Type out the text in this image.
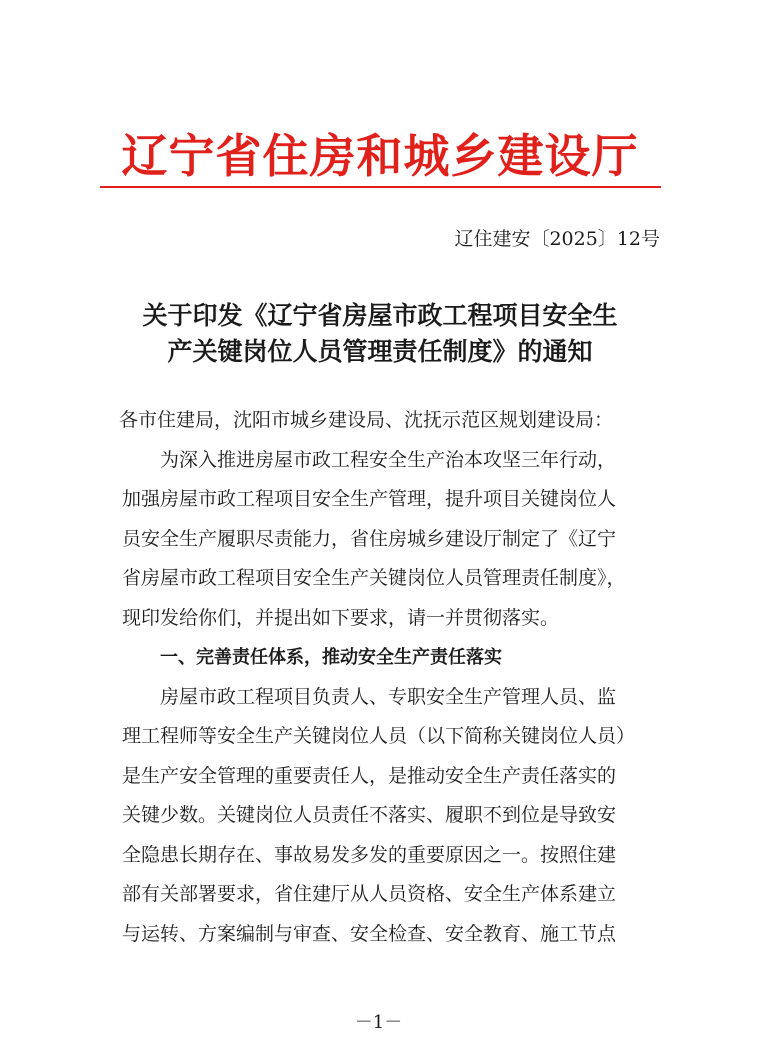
辽宁省住房和城乡建设厅
辽住建安〔2025〕12号
关于印发《辽宁省房屋市政工程项目安全生
产关键岗位人员管理责任制度》的通知
各市住建局，沈阳市城乡建设局、沈抚示范区规划建设局：
为深入推进房屋市政工程安全生产治本攻坚三年行动，
加强房屋市政工程项目安全生产管理，提升项目关键岗位人
员安全生产履职尽责能力，省住房城乡建设厅制定了《辽宁
省房屋市政工程项目安全生产关键岗位人员管理责任制度》，
现印发给你们，并提出如下要求，请一并贯彻落实。
一、完善责任体系，推动安全生产责任落实
房屋市政工程项目负责人、专职安全生产管理人员、监
理工程师等安全生产关键岗位人员（以下简称关键岗位人员）
是生产安全管理的重要责任人，是推动安全生产责任落实的
关键少数。关键岗位人员责任不落实、履职不到位是导致安
全隐患长期存在、事故易发多发的重要原因之一。按照住建
部有关部署要求，省住建厅从人员资格、安全生产体系建立
与运转、方案编制与审查、安全检查、安全教育、施工节点
－1－
